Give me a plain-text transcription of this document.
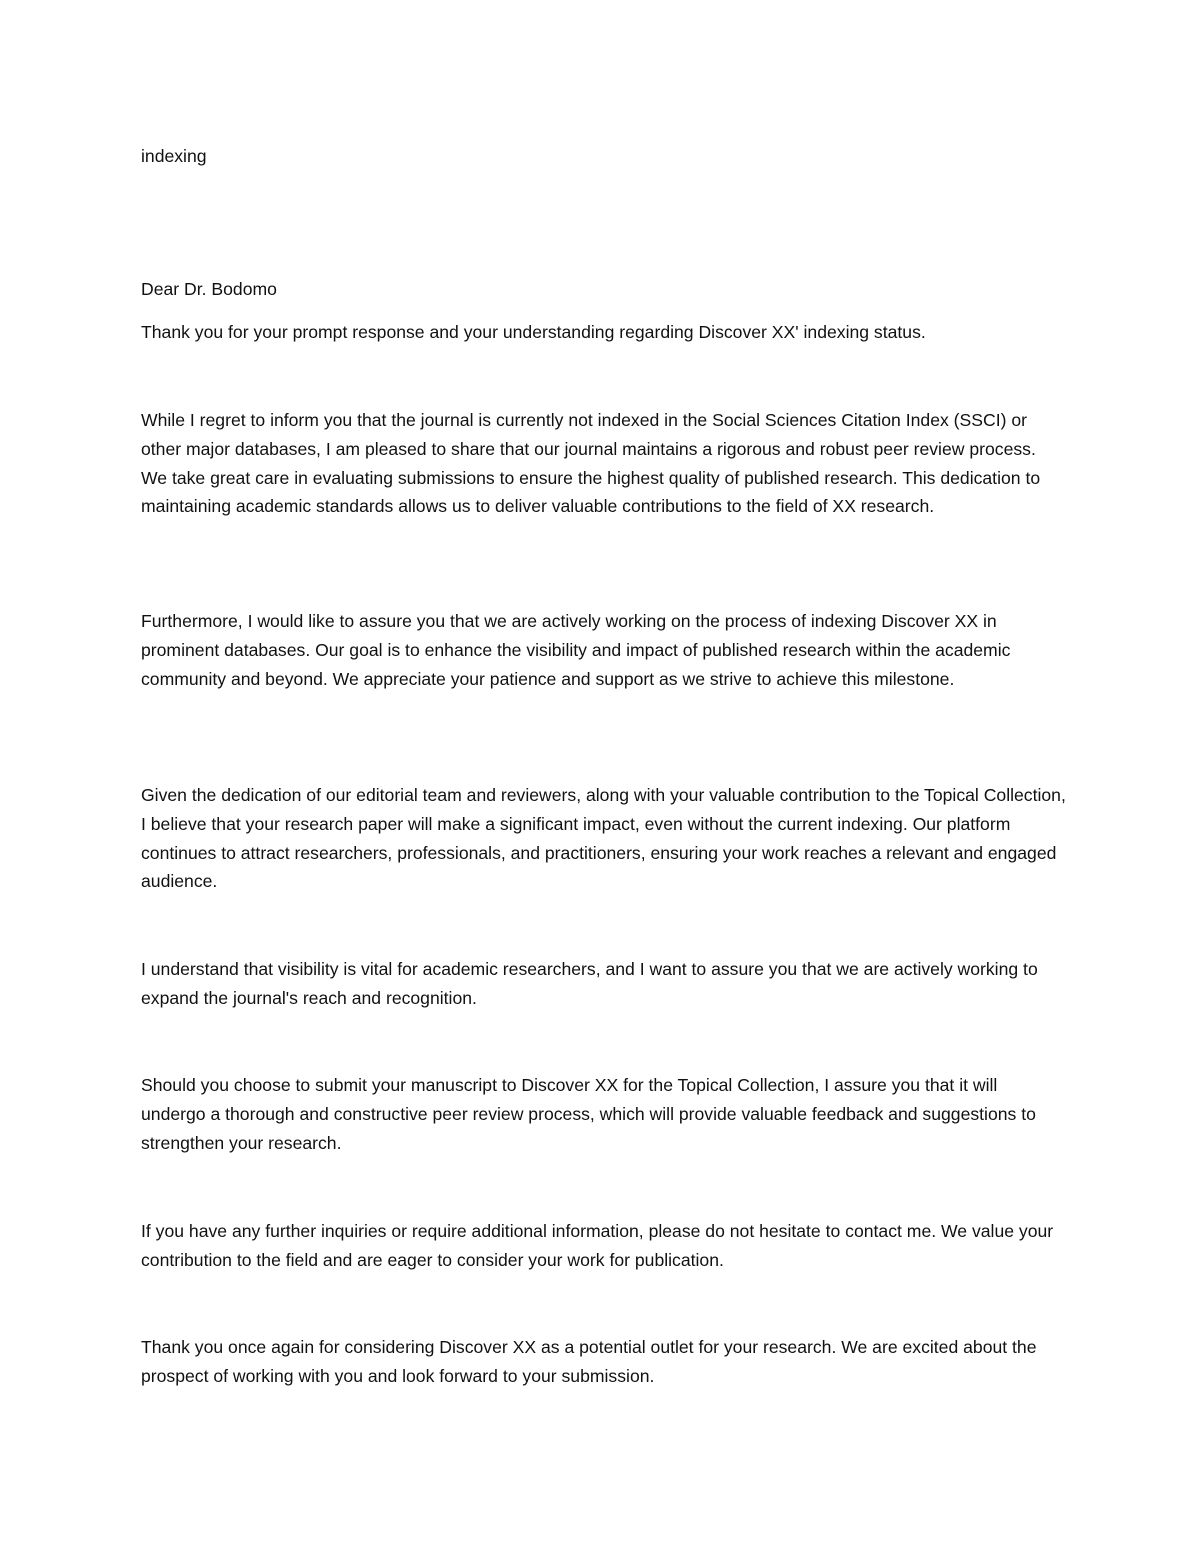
indexing

Dear Dr. Bodomo

Thank you for your prompt response and your understanding regarding Discover XX' indexing status.

While I regret to inform you that the journal is currently not indexed in the Social Sciences Citation Index (SSCI) or other major databases, I am pleased to share that our journal maintains a rigorous and robust peer review process. We take great care in evaluating submissions to ensure the highest quality of published research. This dedication to maintaining academic standards allows us to deliver valuable contributions to the field of XX research.

Furthermore, I would like to assure you that we are actively working on the process of indexing Discover XX in prominent databases. Our goal is to enhance the visibility and impact of published research within the academic community and beyond. We appreciate your patience and support as we strive to achieve this milestone.

Given the dedication of our editorial team and reviewers, along with your valuable contribution to the Topical Collection, I believe that your research paper will make a significant impact, even without the current indexing. Our platform continues to attract researchers, professionals, and practitioners, ensuring your work reaches a relevant and engaged audience.

I understand that visibility is vital for academic researchers, and I want to assure you that we are actively working to expand the journal's reach and recognition.

Should you choose to submit your manuscript to Discover XX for the Topical Collection, I assure you that it will undergo a thorough and constructive peer review process, which will provide valuable feedback and suggestions to strengthen your research.

If you have any further inquiries or require additional information, please do not hesitate to contact me. We value your contribution to the field and are eager to consider your work for publication.

Thank you once again for considering Discover XX as a potential outlet for your research. We are excited about the prospect of working with you and look forward to your submission.
